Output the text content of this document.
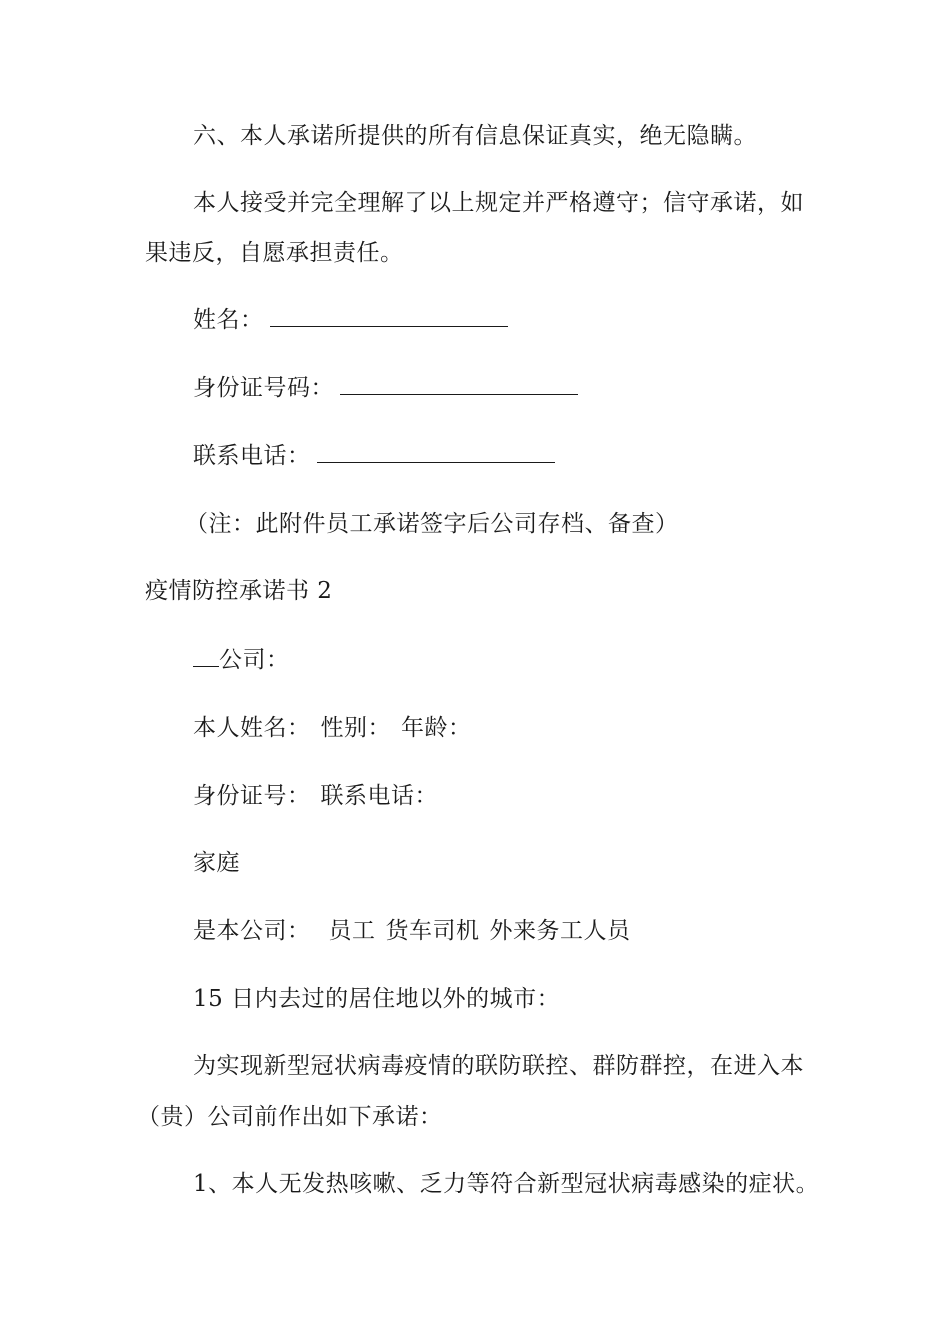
六、本人承诺所提供的所有信息保证真实，绝无隐瞒。
本人接受并完全理解了以上规定并严格遵守；信守承诺，如
果违反，自愿承担责任。
姓名：
身份证号码：
联系电话：
（注：此附件员工承诺签字后公司存档、备查）
疫情防控承诺书 2
公司：
本人姓名： 性别： 年龄：
身份证号： 联系电话：
家庭
是本公司： 员工 货车司机 外来务工人员
15 日内去过的居住地以外的城市：
为实现新型冠状病毒疫情的联防联控、群防群控，在进入本
（贵）公司前作出如下承诺：
1、本人无发热咳嗽、乏力等符合新型冠状病毒感染的症状。
